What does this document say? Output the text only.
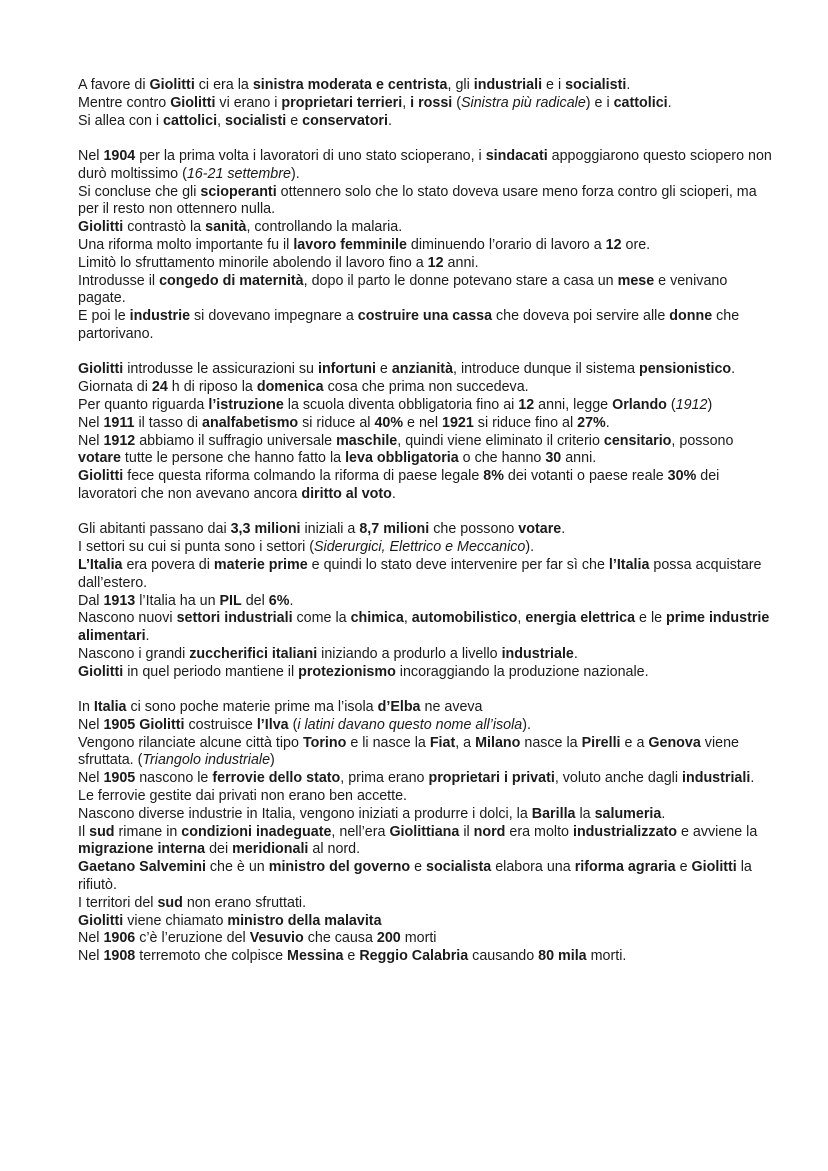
A favore di Giolitti ci era la sinistra moderata e centrista, gli industriali e i socialisti.
Mentre contro Giolitti vi erano i proprietari terrieri, i rossi (Sinistra più radicale) e i cattolici.
Si allea con i cattolici, socialisti e conservatori.
Nel 1904 per la prima volta i lavoratori di uno stato scioperano, i sindacati appoggiarono questo sciopero non durò moltissimo (16-21 settembre).
Si concluse che gli scioperanti ottennero solo che lo stato doveva usare meno forza contro gli scioperi, ma per il resto non ottennero nulla.
Giolitti contrastò la sanità, controllando la malaria.
Una riforma molto importante fu il lavoro femminile diminuendo l’orario di lavoro a 12 ore.
Limitò lo sfruttamento minorile abolendo il lavoro fino a 12 anni.
Introdusse il congedo di maternità, dopo il parto le donne potevano stare a casa un mese e venivano pagate.
E poi le industrie si dovevano impegnare a costruire una cassa che doveva poi servire alle donne che partorivano.
Giolitti introdusse le assicurazioni su infortuni e anzianità, introduce dunque il sistema pensionistico.
Giornata di 24 h di riposo la domenica cosa che prima non succedeva.
Per quanto riguarda l’istruzione la scuola diventa obbligatoria fino ai 12 anni, legge Orlando (1912)
Nel 1911 il tasso di analfabetismo si riduce al 40% e nel 1921 si riduce fino al 27%.
Nel 1912 abbiamo il suffragio universale maschile, quindi viene eliminato il criterio censitario, possono votare tutte le persone che hanno fatto la leva obbligatoria o che hanno 30 anni.
Giolitti fece questa riforma colmando la riforma di paese legale 8% dei votanti o paese reale 30% dei lavoratori che non avevano ancora diritto al voto.
Gli abitanti passano dai 3,3 milioni iniziali a 8,7 milioni che possono votare.
I settori su cui si punta sono i settori (Siderurgici, Elettrico e Meccanico).
L’Italia era povera di materie prime e quindi lo stato deve intervenire per far sì che l’Italia possa acquistare dall’estero.
Dal 1913 l’Italia ha un PIL del 6%.
Nascono nuovi settori industriali come la chimica, automobilistico, energia elettrica e le prime industrie alimentari.
Nascono i grandi zuccherifici italiani iniziando a produrlo a livello industriale.
Giolitti in quel periodo mantiene il protezionismo incoraggiando la produzione nazionale.
In Italia ci sono poche materie prime ma l’isola d’Elba ne aveva
Nel 1905 Giolitti costruisce l’Ilva (i latini davano questo nome all’isola).
Vengono rilanciate alcune città tipo Torino e li nasce la Fiat, a Milano nasce la Pirelli e a Genova viene sfruttata. (Triangolo industriale)
Nel 1905 nascono le ferrovie dello stato, prima erano proprietari i privati, voluto anche dagli industriali.
Le ferrovie gestite dai privati non erano ben accette.
Nascono diverse industrie in Italia, vengono iniziati a produrre i dolci, la Barilla la salumeria.
Il sud rimane in condizioni inadeguate, nell’era Giolittiana il nord era molto industrializzato e avviene la migrazione interna dei meridionali al nord.
Gaetano Salvemini che è un ministro del governo e socialista elabora una riforma agraria e Giolitti la rifiutò.
I territori del sud non erano sfruttati.
Giolitti viene chiamato ministro della malavita
Nel 1906 c’è l’eruzione del Vesuvio che causa 200 morti
Nel 1908 terremoto che colpisce Messina e Reggio Calabria causando 80 mila morti.
